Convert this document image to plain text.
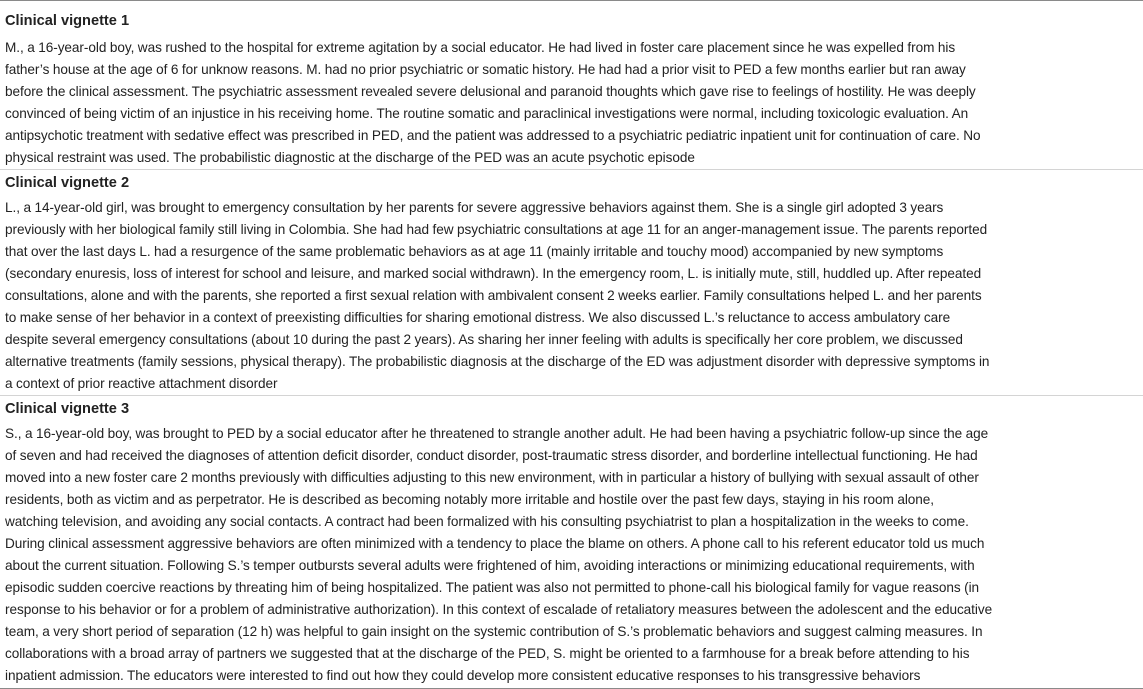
Clinical vignette 1
M., a 16-year-old boy, was rushed to the hospital for extreme agitation by a social educator. He had lived in foster care placement since he was expelled from his
father’s house at the age of 6 for unknow reasons. M. had no prior psychiatric or somatic history. He had had a prior visit to PED a few months earlier but ran away
before the clinical assessment. The psychiatric assessment revealed severe delusional and paranoid thoughts which gave rise to feelings of hostility. He was deeply
convinced of being victim of an injustice in his receiving home. The routine somatic and paraclinical investigations were normal, including toxicologic evaluation. An
antipsychotic treatment with sedative effect was prescribed in PED, and the patient was addressed to a psychiatric pediatric inpatient unit for continuation of care. No
physical restraint was used. The probabilistic diagnostic at the discharge of the PED was an acute psychotic episode
Clinical vignette 2
L., a 14-year-old girl, was brought to emergency consultation by her parents for severe aggressive behaviors against them. She is a single girl adopted 3 years
previously with her biological family still living in Colombia. She had had few psychiatric consultations at age 11 for an anger-management issue. The parents reported
that over the last days L. had a resurgence of the same problematic behaviors as at age 11 (mainly irritable and touchy mood) accompanied by new symptoms
(secondary enuresis, loss of interest for school and leisure, and marked social withdrawn). In the emergency room, L. is initially mute, still, huddled up. After repeated
consultations, alone and with the parents, she reported a first sexual relation with ambivalent consent 2 weeks earlier. Family consultations helped L. and her parents
to make sense of her behavior in a context of preexisting difficulties for sharing emotional distress. We also discussed L.’s reluctance to access ambulatory care
despite several emergency consultations (about 10 during the past 2 years). As sharing her inner feeling with adults is specifically her core problem, we discussed
alternative treatments (family sessions, physical therapy). The probabilistic diagnosis at the discharge of the ED was adjustment disorder with depressive symptoms in
a context of prior reactive attachment disorder
Clinical vignette 3
S., a 16-year-old boy, was brought to PED by a social educator after he threatened to strangle another adult. He had been having a psychiatric follow-up since the age
of seven and had received the diagnoses of attention deficit disorder, conduct disorder, post-traumatic stress disorder, and borderline intellectual functioning. He had
moved into a new foster care 2 months previously with difficulties adjusting to this new environment, with in particular a history of bullying with sexual assault of other
residents, both as victim and as perpetrator. He is described as becoming notably more irritable and hostile over the past few days, staying in his room alone,
watching television, and avoiding any social contacts. A contract had been formalized with his consulting psychiatrist to plan a hospitalization in the weeks to come.
During clinical assessment aggressive behaviors are often minimized with a tendency to place the blame on others. A phone call to his referent educator told us much
about the current situation. Following S.’s temper outbursts several adults were frightened of him, avoiding interactions or minimizing educational requirements, with
episodic sudden coercive reactions by threating him of being hospitalized. The patient was also not permitted to phone-call his biological family for vague reasons (in
response to his behavior or for a problem of administrative authorization). In this context of escalade of retaliatory measures between the adolescent and the educative
team, a very short period of separation (12 h) was helpful to gain insight on the systemic contribution of S.’s problematic behaviors and suggest calming measures. In
collaborations with a broad array of partners we suggested that at the discharge of the PED, S. might be oriented to a farmhouse for a break before attending to his
inpatient admission. The educators were interested to find out how they could develop more consistent educative responses to his transgressive behaviors
